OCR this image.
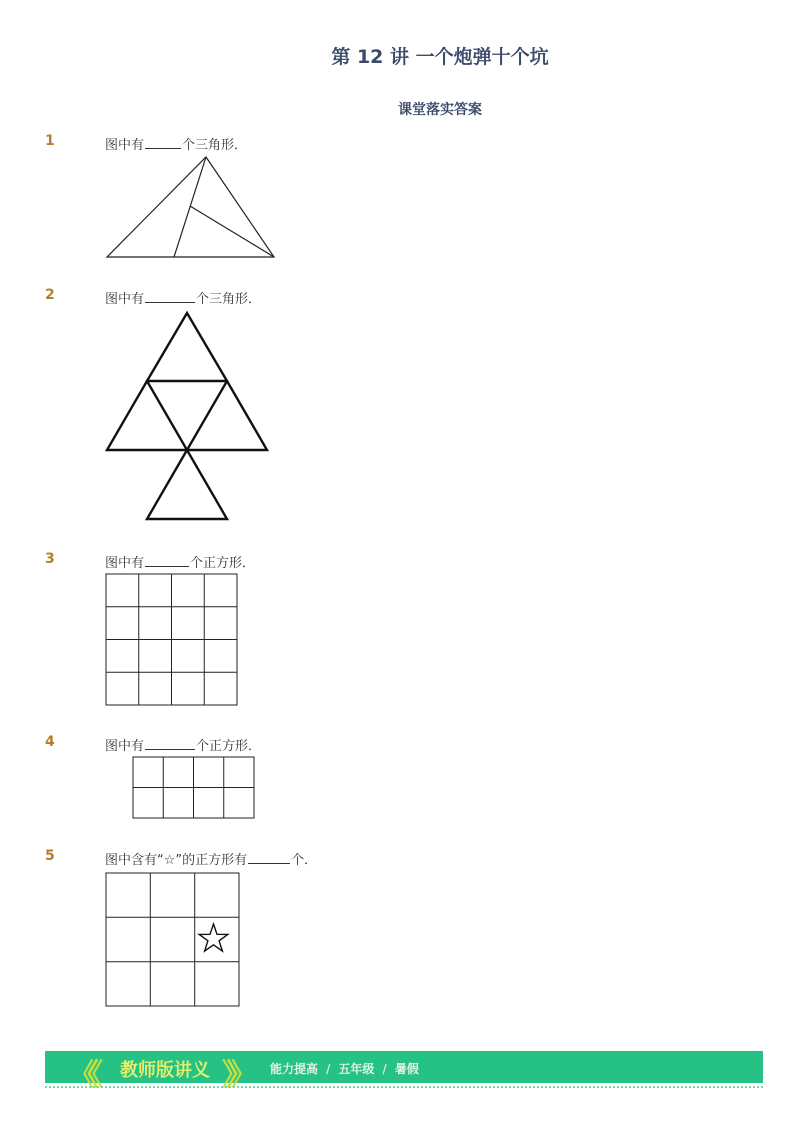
第 12 讲 一个炮弹十个坑
课堂落实答案
1	图中有	个三角形．
2	图中有	个三角形．
3	图中有	个正方形．
4	图中有	个正方形．
5	图中含有“☆”的正方形有	个．
《《	》》
教师版讲义	能力提高 / 五年级 / 暑假
